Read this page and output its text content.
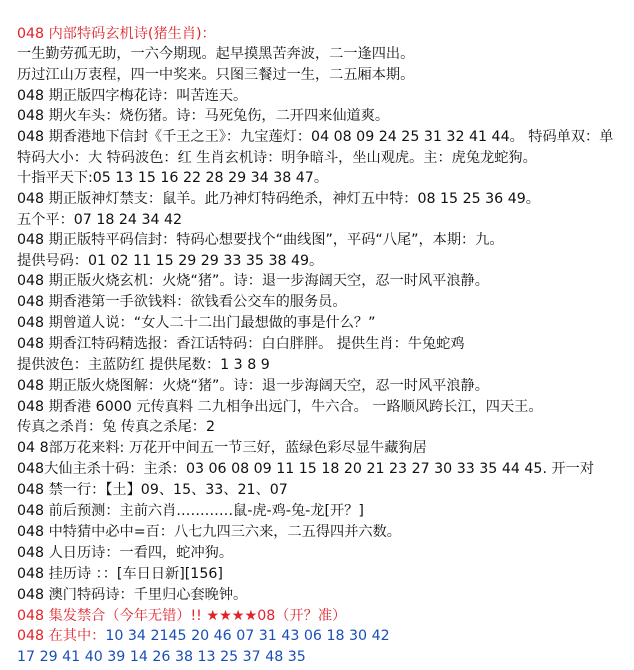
048 内部特码玄机诗(猪生肖)：
一生勤劳孤无助，一六今期现。起早摸黑苦奔波，二一逢四出。
历过江山万衷程，四一中奖来。只图三餐过一生，二五厢本期。
048 期正版四字梅花诗：叫苦连天。
048 期火车头：烧伤猪。诗：马死兔伤，二开四来仙道爽。
048 期香港地下信封《千王之王》：九宝莲灯：04 08 09 24 25 31 32 41 44。 特码单双：单
特码大小：大 特码波色：红 生肖玄机诗：明争暗斗，坐山观虎。主：虎兔龙蛇狗。
十指平天下:05 13 15 16 22 28 29 34 38 47。
048 期正版神灯禁支：鼠羊。此乃神灯特码绝杀，神灯五中特：08 15 25 36 49。
五个平：07 18 24 34 42
048 期正版特平码信封：特码心想要找个“曲线图”，平码“八尾”，本期：九。
提供号码：01 02 11 15 29 29 33 35 38 49。
048 期正版火烧玄机：火烧“猪”。诗：退一步海阔天空，忍一时风平浪静。
048 期香港第一手欲钱料：欲钱看公交车的服务员。
048 期曾道人说：“女人二十二出门最想做的事是什么？”
048 期香江特码精选报：香江话特码：白白胖胖。 提供生肖：牛兔蛇鸡
提供波色：主蓝防红 提供尾数：1 3 8 9
048 期正版火烧图解：火烧“猪”。诗：退一步海阔天空，忍一时风平浪静。
048 期香港 6000 元传真料 二九相争出远门，牛六合。 一路顺风跨长江，四天王。
传真之杀肖：兔 传真之杀尾：2
04 8部万花来料: 万花开中间五一节三好，蓝绿色彩尽显牛藏狗居
048大仙主杀十码：主杀：03 06 08 09 11 15 18 20 21 23 27 30 33 35 44 45. 开一对
048 禁一行：【土】09、15、33、21、07
048 前后预测：主前六肖…………鼠-虎-鸡-兔-龙[开？]
048 中特猜中必中=百：八七九四三六来，二五得四并六数。
048 人日历诗：一看四，蛇冲狗。
048 挂历诗 ：：[车日日新][156]
048 澳门特码诗：千里归心套晚钟。
048 集发禁合（今年无错）!! ★★★★08（开？准）
048 在其中：10 34 2145 20 46 07 31 43 06 18 30 42
17 29 41 40 39 14 26 38 13 25 37 48 35
